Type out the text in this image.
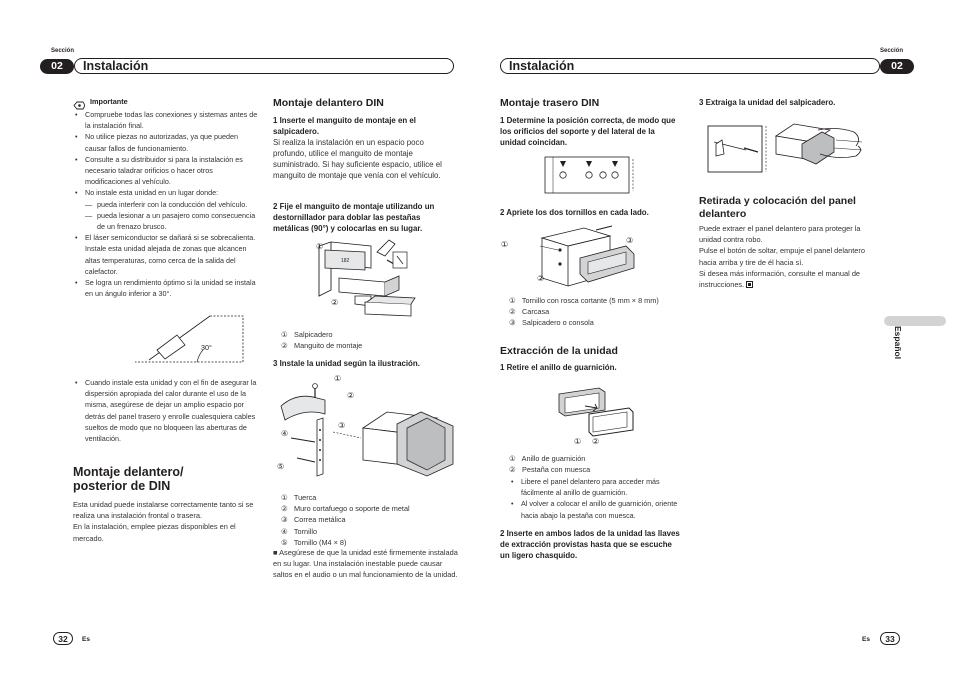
Sección
02	Instalación
Sección
Instalación	02
Importante
• Compruebe todas las conexiones y sistemas antes de la instalación final.
• No utilice piezas no autorizadas, ya que pueden causar fallos de funcionamiento.
• Consulte a su distribuidor si para la instalación es necesario taladrar orificios o hacer otros modificaciones al vehículo.
• No instale esta unidad en un lugar donde:
— pueda interferir con la conducción del vehículo.
— pueda lesionar a un pasajero como consecuencia de un frenazo brusco.
• El láser semiconductor se dañará si se sobrecalienta. Instale esta unidad alejada de zonas que alcancen altas temperaturas, como cerca de la salida del calefactor.
• Se logra un rendimiento óptimo si la unidad se instala en un ángulo inferior a 30°.
30°
• Cuando instale esta unidad y con el fin de asegurar la dispersión apropiada del calor durante el uso de la misma, asegúrese de dejar un amplio espacio por detrás del panel trasero y enrolle cualesquiera cables sueltos de modo que no bloqueen las aberturas de ventilación.
Montaje delantero/
posterior de DIN
Esta unidad puede instalarse correctamente tanto si se realiza una instalación frontal o trasera.
En la instalación, emplee piezas disponibles en el mercado.
Montaje delantero DIN
1 Inserte el manguito de montaje en el salpicadero.
Si realiza la instalación en un espacio poco profundo, utilice el manguito de montaje suministrado. Si hay suficiente espacio, utilice el manguito de montaje que venía con el vehículo.
2 Fije el manguito de montaje utilizando un destornillador para doblar las pestañas metálicas (90°) y colocarlas en su lugar.
182
①
②
① Salpicadero
② Manguito de montaje
3 Instale la unidad según la ilustración.
①
②
③
④
⑤
① Tuerca
② Muro cortafuego o soporte de metal
③ Correa metálica
④ Tornillo
⑤ Tornillo (M4 × 8)
■ Asegúrese de que la unidad esté firmemente instalada en su lugar. Una instalación inestable puede causar saltos en el audio o un mal funcionamiento de la unidad.
Montaje trasero DIN
1 Determine la posición correcta, de modo que los orificios del soporte y del lateral de la unidad coincidan.
2 Apriete los dos tornillos en cada lado.
①
②
③
① Tornillo con rosca cortante (5 mm × 8 mm)
② Carcasa
③ Salpicadero o consola
Extracción de la unidad
1 Retire el anillo de guarnición.
① ②
① Anillo de guarnición
② Pestaña con muesca
• Libere el panel delantero para acceder más fácilmente al anillo de guarnición.
• Al volver a colocar el anillo de guarnición, oriente hacia abajo la pestaña con muesca.
2 Inserte en ambos lados de la unidad las llaves de extracción provistas hasta que se escuche un ligero chasquido.
3 Extraiga la unidad del salpicadero.
Retirada y colocación del panel
delantero
Puede extraer el panel delantero para proteger la unidad contra robo.
Pulse el botón de soltar, empuje el panel delantero hacia arriba y tire de él hacia sí.
Si desea más información, consulte el manual de instrucciones.
Español
32	Es	Es	33
